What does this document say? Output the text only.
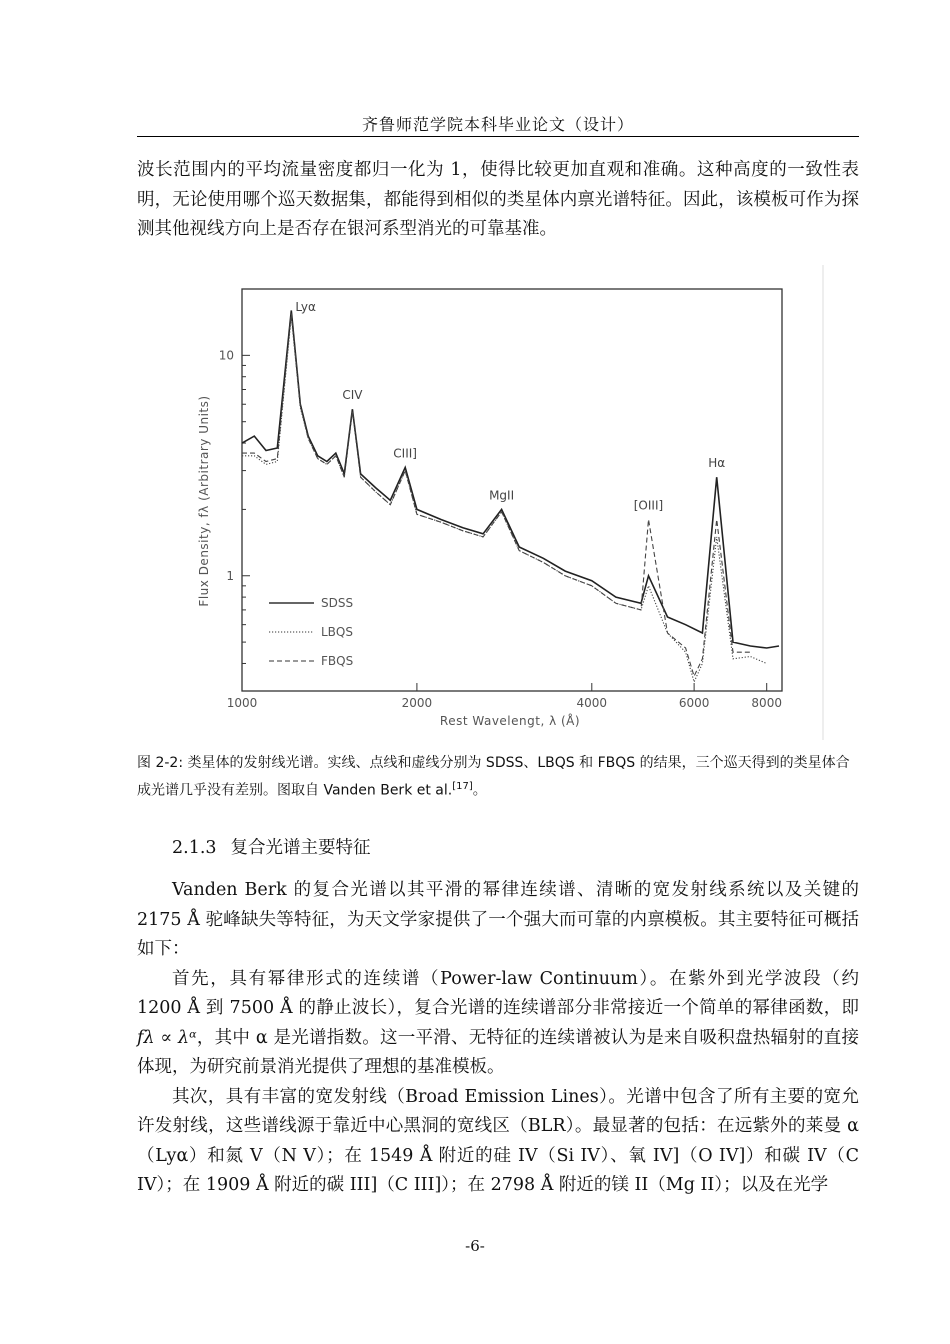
齐鲁师范学院本科毕业论文（设计）

波长范围内的平均流量密度都归一化为 1，使得比较更加直观和准确。这种高度的一致性表明，无论使用哪个巡天数据集，都能得到相似的类星体内禀光谱特征。因此，该模板可作为探测其他视线方向上是否存在银河系型消光的可靠基准。

1000	2000	4000	6000	8000
10
1
Lyα
CIV
CIII]
MgII
[OIII]
Hα
SDSS
LBQS
FBQS
Flux Density, fλ (Arbitrary Units)
Rest Wavelengt, λ (Å)

图 2-2: 类星体的发射线光谱。实线、点线和虚线分别为 SDSS、LBQS 和 FBQS 的结果，三个巡天得到的类星体合成光谱几乎没有差别。图取自 Vanden Berk et al.[17]。

2.1.3 复合光谱主要特征

Vanden Berk 的复合光谱以其平滑的幂律连续谱、清晰的宽发射线系统以及关键的 2175 Å 驼峰缺失等特征，为天文学家提供了一个强大而可靠的内禀模板。其主要特征可概括如下：

首先，具有幂律形式的连续谱（Power-law Continuum）。在紫外到光学波段（约 1200 Å 到 7500 Å 的静止波长），复合光谱的连续谱部分非常接近一个简单的幂律函数，即 fλ ∝ λᵅ，其中 α 是光谱指数。这一平滑、无特征的连续谱被认为是来自吸积盘热辐射的直接体现，为研究前景消光提供了理想的基准模板。

其次，具有丰富的宽发射线（Broad Emission Lines）。光谱中包含了所有主要的宽允许发射线，这些谱线源于靠近中心黑洞的宽线区（BLR）。最显著的包括：在远紫外的莱曼 α（Lyα）和氮 V（N V）；在 1549 Å 附近的硅 IV（Si IV）、氧 IV]（O IV]）和碳 IV（C IV）；在 1909 Å 附近的碳 III]（C III]）；在 2798 Å 附近的镁 II（Mg II）；以及在光学

-6-
